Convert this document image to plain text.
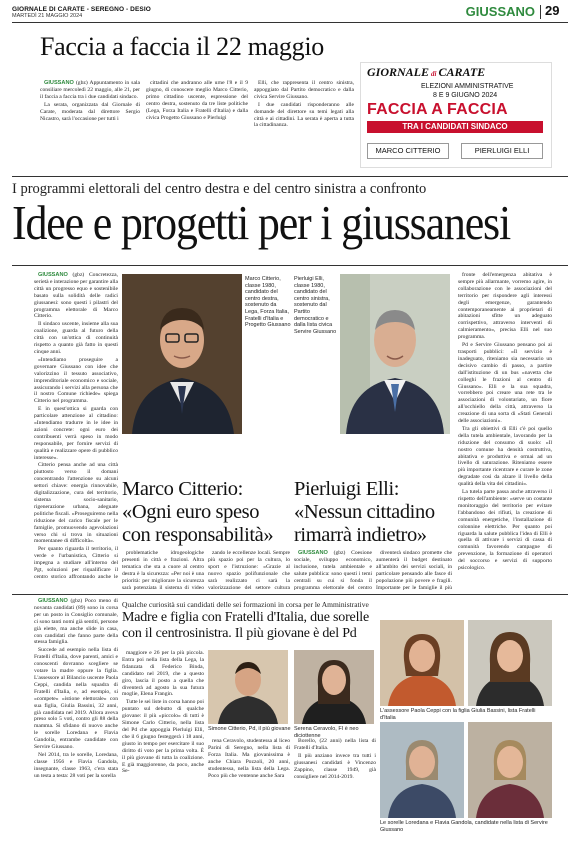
GIORNALE DI CARATE - SEREGNO - DESIO
MARTEDÌ 21 MAGGIO 2024	GIUSSANO 29
Faccia a faccia il 22 maggio

GIUSSANO (gbz) Appuntamento in sala consiliare mercoledì 22 maggio, alle 21, per il faccia a faccia tra i due candidati sindaco.

La serata, organizzata dal Giornale di Carate, moderata dal direttore Sergio Nicastro, sarà l'occasione per tutti i

cittadini che andranno alle urne l'8 e il 9 giugno, di conoscere meglio Marco Citterio, primo cittadino uscente, espressione del centro destra, sostenuto da tre liste politiche (Lega, Forza Italia e Fratelli d'Italia) e dalla civica Progetto Giussano e Pierluigi

Elli, che rappresenta il centro sinistra, appoggiato dal Partito democratico e dalla civica Servire Giussano.

I due candidati risponderanno alle domande del direttore su temi legati alla città e ai cittadini. La serata è aperta a tutta la cittadinanza.

GIORNALE di CARATE
ELEZIONI AMMINISTRATIVE
8 E 9 GIUGNO 2024
FACCIA A FACCIA
TRA I CANDIDATI SINDACO
MARCO CITTERIO	PIERLUIGI ELLI
I programmi elettorali del centro destra e del centro sinistra a confronto
Idee e progetti per i giussanesi

GIUSSANO (gbz) Concretezza, serietà e interazione per garantire alla città un progresso equo e sostenibile basato sulla solidità delle radici giussanesi: sono questi i pilastri del programma elettorale di Marco Citterio.

Il sindaco uscente, insieme alla sua coalizione, guarda al futuro della città con un'ottica di continuità rispetto a quanto già fatto in questi cinque anni.

«Intendiamo proseguire a governare Giussano con idee che valorizzino il tessuto associativo, imprenditoriale economico e sociale, assicurando i servizi alla persona che il nostro Comune richiede» spiega Citterio nel programma.

E in quest'ottica si guarda con particolare attenzione al cittadino: «Intendiamo tradurre in le idee in azioni concrete: ogni euro dei contribuenti verrà speso in modo responsabile, per fornire servizi di qualità e realizzare opere di pubblico interesse».

Citterio pensa anche ad una città piuttosto verso il domani concentrando l'attenzione su alcuni settori chiave: energia rinnovabile, digitalizzazione, cura del territorio, sistema socio-sanitario, rigenerazione urbana, adeguate politiche fiscali. «Proseguiremo nella riduzione del carico fiscale per le famiglie, promuovendo agevolazioni verso chi si trova in situazioni momentanee di difficoltà».

Per quanto riguarda il territorio, il verde e l'urbanistica, Citterio si impegna a studiare all'interno del Pgt, soluzioni per riqualificare il centro storico affrontando anche le

Marco Citterio, classe 1980, candidato del centro destra, sostenuto da Lega, Forza Italia, Fratelli d'Italia e Progetto Giussano
Pierluigi Elli, classe 1980, candidato del centro sinistra, sostenuto dal Partito democratico e dalla lista civica Servire Giussano
Marco Citterio:
«Ogni euro speso
con responsabilità»
Pierluigi Elli:
«Nessun cittadino
rimarrà indietro»

problematiche idrogeologiche presenti in città e frazioni. Altra tematica che sta a cuore al centro destra è la sicurezza: «Per noi è una priorità: per migliorare la sicurezza sarà potenziata il sistema di video

zando le eccellenze locali. Sempre più spazio poi per la cultura, lo sport e l'istruzione: «Grazie al nuovo spazio polifunzionale che sarà realizzato ci sarà la valorizzazione del settore cultura

GIUSSANO (gbz) Coesione sociale, sviluppo economico, inclusione, tutela ambientale e salute pubblica: sono questi i temi centrali su cui si fonda il programma elettorale del centro

diventerà sindaco promette che aumenterà il budget destinato all'ambito dei servizi sociali, in particolare pensando alle fasce di popolazione più povere e fragili. Importante per le famiglie il più

fronte dell'emergenza abitativa è sempre più allarmante, vorremo agire, in collaborazione con le associazioni del territorio per rispondere agli interessi degli emergenze, garantendo contemporaneamente ai proprietari di abitazioni sfitte un adeguato corrispettivo, attraverso interventi di calmieramento», precisa Elli nel suo programma.

Pd e Servire Giussano pensano poi ai trasporti pubblici: «Il servizio è inadeguato, riteniamo sia necessario un decisivo cambio di passo, a partire dall'istituzione di un bus «navetta che colleghi le frazioni al centro di Giussano». Elli e la sua squadra, vorrebbero poi creare una rete tra le associazioni di volontariato, un fiore all'occhiello della città, attraverso la creazione di una sorta di «Stati Generali delle associazioni».

Tra gli obiettivi di Elli c'è poi quello della tutela ambientale, lavorando per la riduzione del consumo di suolo: «Il nostro comune ha densità costruttiva, abitativa e produttiva e ormai ad un livello di saturazione. Riteniamo essere più importante ricentrare e curare le zone degradate così da alzare il livello della qualità della vita dei cittadini».

La tutela parte passa anche attraverso il rispetto dell'ambiente: «serve un costante monitoraggio del territorio per evitare l'abbandono dei rifiuti, la creazione di comunità energetiche, l'installazione di colonnine elettriche. Per quanto poi riguarda la salute pubblica l'idea di Elli è quella di attivare i servizi di cassa di comunità favorendo campagne di prevenzione, la formazione di operatori del soccorso e servizi di supporto psicologico.

GIUSSANO (gbz) Poco meno di novanta candidati (89) sono in corsa per un posto in Consiglio comunale, ci sono tanti nomi già sentiti, persone già elette, ma anche slide in casa, con candidati che fanno parte della stessa famiglia.

Succede ad esempio nella lista di Fratelli d'Italia, dove parenti, amici e conoscenti dovranno scegliere se votare la madre oppure la figlia. L'assessore al Bilancio uscente Paola Ceppi, candida nella squadra di Fratelli d'Italia, e, ad esempio, si «compete» «istione elettorale» con sua figlia, Giulia Bassini, 32 anni, già candidata nel 2019. Allora aveva preso solo 5 voti, contro gli 88 della mamma. Si sfidano di nuovo anche le sorelle Loredana e Flavia Gandolia, entrambe candidate con Servire Giussano.

Nel 2014, tra le sorelle, Loredana, classe 1956 e Flavia Gandola, insegnante, classe 1963, c'era stata un testa a testa: 28 voti per la sorella

Qualche curiosità sui candidati delle sei formazioni in corsa per le Amministrative
Madre e figlia con Fratelli d'Italia, due sorelle
con il centrosinistra. Il più giovane è del Pd

maggiore e 26 per la più piccola. Entra poi nella lista della Lega, la fidanzata di Federico Binda, candidato nel 2019, che a questo giro, lascia il posto a quella che diventerà ad agosto la sua futura moglie, Elena Frangin.

Tutte le sei liste in corsa hanno poi puntato sul debutto di qualche giovane: il più «piccolo» di tutti è Simone Carlo Citterio, nella lista del Pd che appoggia Pierluigi Elli, che il 6 giugno festeggerà i 18 anni, giusto in tempo per esercitare il suo diritto di voto per la prima volta. È il più giovane di tutta la coalizione. E già maggiorenne, da poco, anche Se-

Simone Citterio, Pd, il più giovane Serena Ceravolo, FI è neo diciottenne

rena Ceravolo, studentessa al liceo Parini di Seregno, nella lista di Forza Italia. Ma giovanissima è anche Chiara Pozzoli, 20 anni, studentessa, nella lista della Lega. Poco più che ventenne anche Sara

Borello, (22 anni) nella lista di Fratelli d'Italia.

Il più anziano invece tra tutti i giussanesi candidati è Vincenzo Zappino, classe 1949, già consigliere nel 2014-2019.

L'assessore Paola Ceppi con la figlia Giulia Bassini, lista Fratelli d'Italia
Le sorelle Loredana e Flavia Gandola, candidate nella lista di Servire Giussano
